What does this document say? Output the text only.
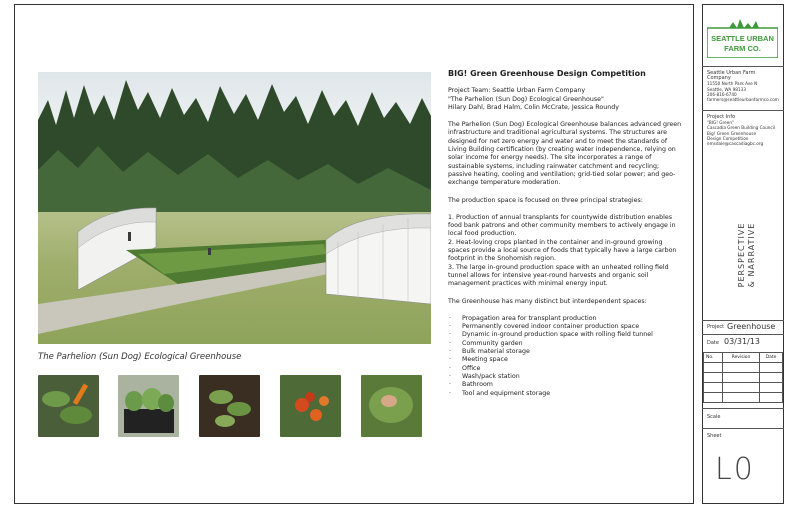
The Parhelion (Sun Dog) Ecological Greenhouse
BIG! Green Greenhouse Design Competition

Project Team: Seattle Urban Farm Company
"The Parhelion (Sun Dog) Ecological Greenhouse"
Hilary Dahl, Brad Halm, Colin McCrate, Jessica Roundy

The Parhelion (Sun Dog) Ecological Greenhouse balances advanced green infrastructure and traditional agricultural systems. The structures are designed for net zero energy and water and to meet the standards of Living Building certification (by creating water independence, relying on solar income for energy needs). The site incorporates a range of sustainable systems, including rainwater catchment and recycling; passive heating, cooling and ventilation; grid-tied solar power; and geo-exchange temperature moderation.

The production space is focused on three principal strategies:

1. Production of annual transplants for countywide distribution enables food bank patrons and other community members to actively engage in local food production.
2. Heat-loving crops planted in the container and in-ground growing spaces provide a local source of foods that typically have a large carbon footprint in the Snohomish region.
3. The large in-ground production space with an unheated rolling field tunnel allows for intensive year-round harvests and organic soil management practices with minimal energy input.

The Greenhouse has many distinct but interdependent spaces:

· Propagation area for transplant production
· Permanently covered indoor container production space
· Dynamic in-ground production space with rolling field tunnel
· Community garden
· Bulk material storage
· Meeting space
· Office
· Wash/pack station
· Bathroom
· Tool and equipment storage
SEATTLE URBAN
FARM CO.
Seattle Urban Farm Company
11550 North Park Ave N
Seattle, WA 98133
206-816-6740
farmers@seattleurbanfarmco.com
Project Info
"BIG! Green"
Cascadia Green Building Council
Big! Green Greenhouse
Design Competition
emsdale@cascadiagbc.org
PERSPECTIVE & NARRATIVE
Project Greenhouse
Date 03/31/13
No.	Revision	Date

Scale
Sheet
L0
